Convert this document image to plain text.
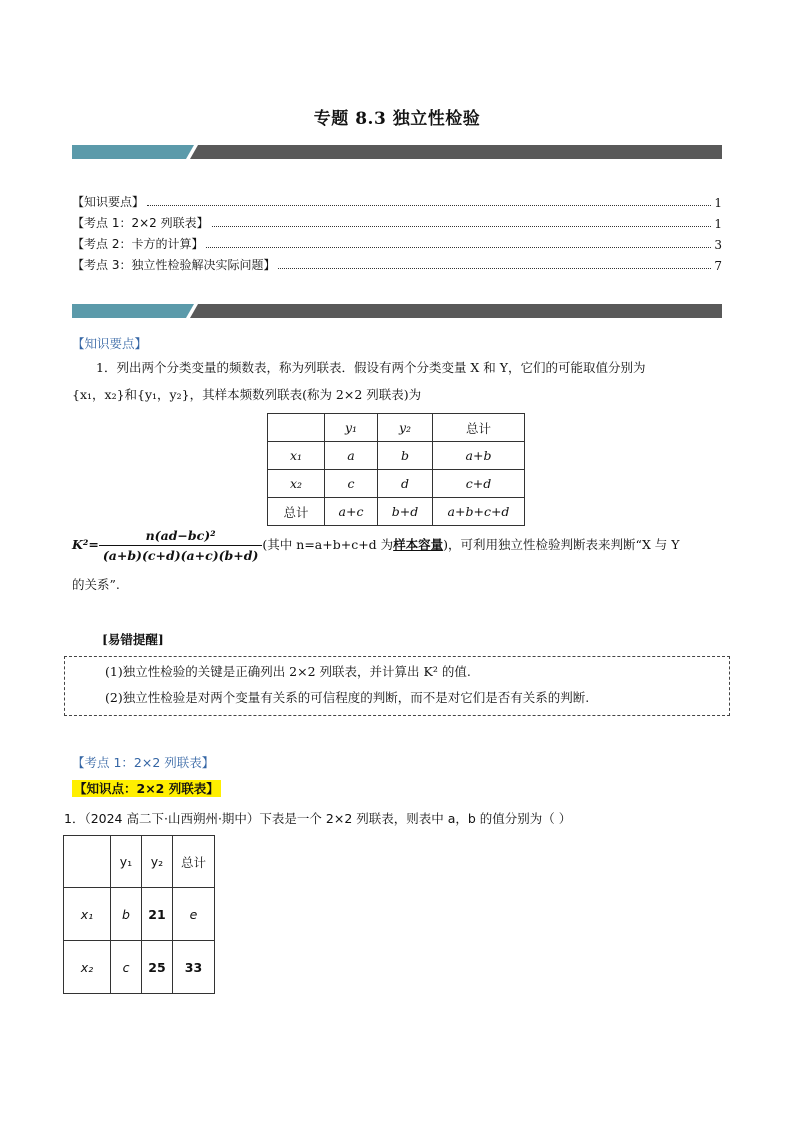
专题 8.3 独立性检验
【知识要点】	1
【考点 1：2×2 列联表】	1
【考点 2：卡方的计算】	3
【考点 3：独立性检验解决实际问题】	7
【知识要点】
1．列出两个分类变量的频数表，称为列联表．假设有两个分类变量 X 和 Y，它们的可能取值分别为
{x₁，x₂}和{y₁，y₂}，其样本频数列联表(称为 2×2 列联表)为
	y₁	y₂	总计
x₁	a	b	a+b
x₂	c	d	c+d
总计	a+c	b+d	a+b+c+d
$K^2= \frac{\text{n(ad−bc)²}}{(a+b)(c+d)(a+c)(b+d)}$ (其中 n=a+b+c+d 为样本容量)，可利用独立性检验判断表来判断“X 与 Y
的关系”.
[易错提醒]
(1)独立性检验的关键是正确列出 2×2 列联表，并计算出 K² 的值.
(2)独立性检验是对两个变量有关系的可信程度的判断，而不是对它们是否有关系的判断.
【考点 1：2×2 列联表】
【知识点：2×2 列联表】
1．（2024 高二下·山西朔州·期中）下表是一个 2×2 列联表，则表中 a，b 的值分别为（ ）
	y₁	y₂	总计
x₁	b	21	e
x₂	c	25	33
